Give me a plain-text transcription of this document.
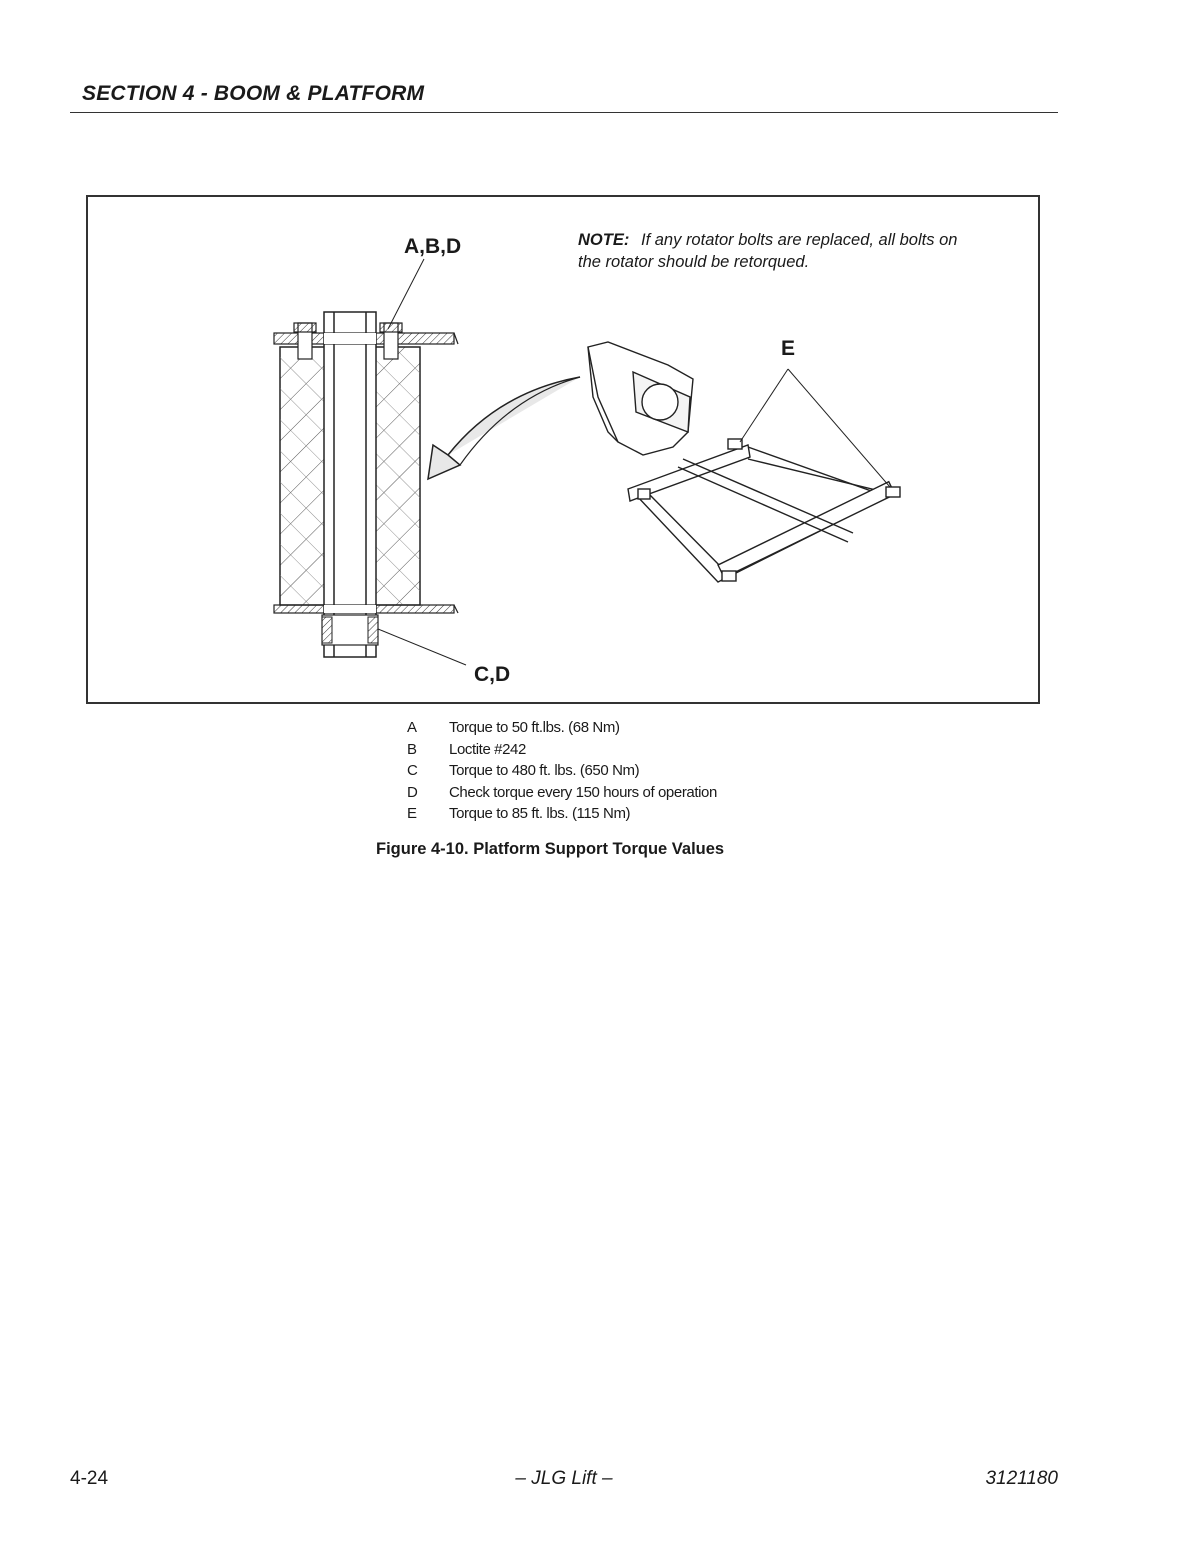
SECTION 4 - BOOM & PLATFORM
A,B,D
E
C,D
NOTE: If any rotator bolts are replaced, all bolts on the rotator should be retorqued.
A	Torque to 50 ft.lbs. (68 Nm)
B	Loctite #242
C	Torque to 480 ft. lbs. (650 Nm)
D	Check torque every 150 hours of operation
E	Torque to 85 ft. lbs. (115 Nm)
Figure 4-10. Platform Support Torque Values
4-24	– JLG Lift –	3121180
